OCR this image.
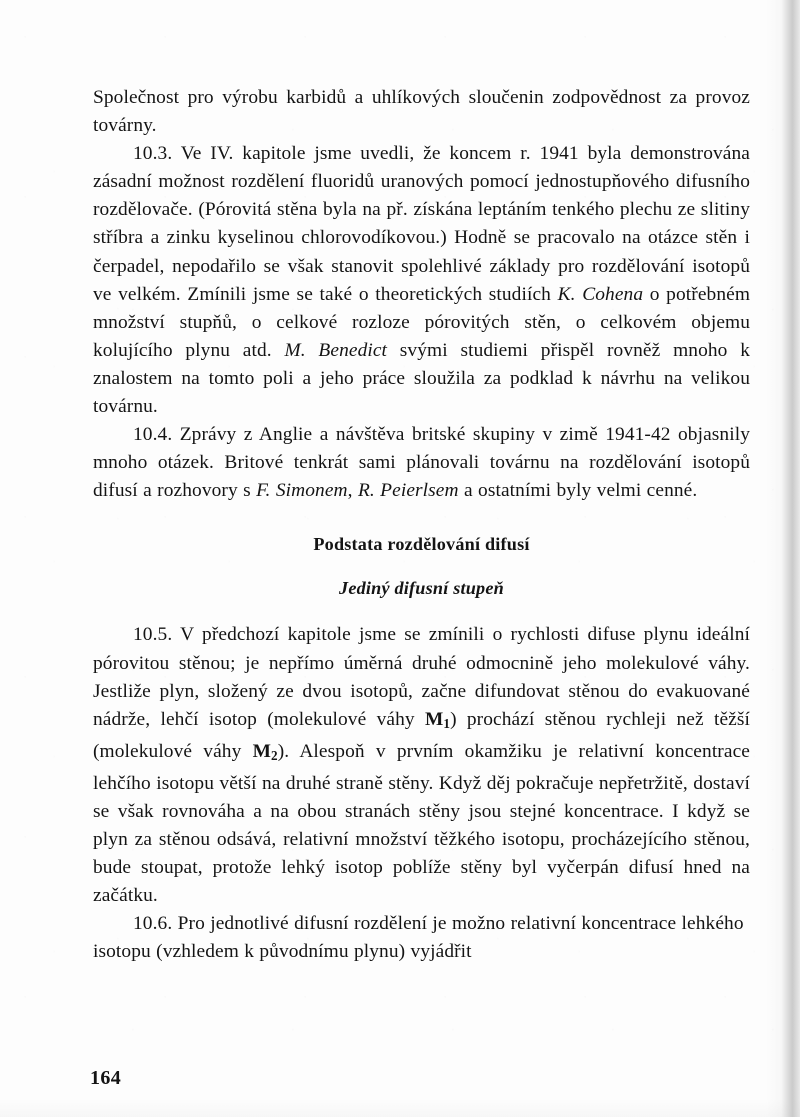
Společnost pro výrobu karbidů a uhlíkových sloučenin zodpovědnost za provoz továrny.

10.3. Ve IV. kapitole jsme uvedli, že koncem r. 1941 byla demonstrována zásadní možnost rozdělení fluoridů uranových pomocí jednostupňového difusního rozdělovače. (Pórovitá stěna byla na př. získána leptáním tenkého plechu ze slitiny stříbra a zinku kyselinou chlorovodíkovou.) Hodně se pracovalo na otázce stěn i čerpadel, nepodařilo se však stanovit spolehlivé základy pro rozdělování isotopů ve velkém. Zmínili jsme se také o theoretických studiích K. Cohena o potřebném množství stupňů, o celkové rozloze pórovitých stěn, o celkovém objemu kolujícího plynu atd. M. Benedict svými studiemi přispěl rovněž mnoho k znalostem na tomto poli a jeho práce sloužila za podklad k návrhu na velikou továrnu.

10.4. Zprávy z Anglie a návštěva britské skupiny v zimě 1941-42 objasnily mnoho otázek. Britové tenkrát sami plánovali továrnu na rozdělování isotopů difusí a rozhovory s F. Simonem, R. Peierlsem a ostatními byly velmi cenné.

Podstata rozdělování difusí
Jediný difusní stupeň

10.5. V předchozí kapitole jsme se zmínili o rychlosti difuse plynu ideální pórovitou stěnou; je nepřímo úměrná druhé odmocnině jeho molekulové váhy. Jestliže plyn, složený ze dvou isotopů, začne difundovat stěnou do evakuované nádrže, lehčí isotop (molekulové váhy $M_1$) prochází stěnou rychleji než těžší (molekulové váhy $M_2$). Alespoň v prvním okamžiku je relativní koncentrace lehčího isotopu větší na druhé straně stěny. Když děj pokračuje nepřetržitě, dostaví se však rovnováha a na obou stranách stěny jsou stejné koncentrace. I když se plyn za stěnou odsává, relativní množství těžkého isotopu, procházejícího stěnou, bude stoupat, protože lehký isotop poblíže stěny byl vyčerpán difusí hned na začátku.

10.6. Pro jednotlivé difusní rozdělení je možno relativní koncentrace lehkého isotopu (vzhledem k původnímu plynu) vyjádřit

164
